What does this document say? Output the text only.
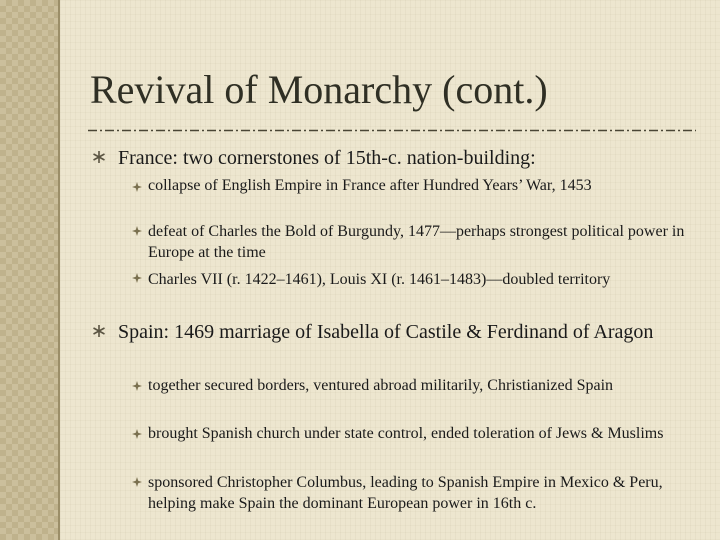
Revival of Monarchy (cont.)
France: two cornerstones of 15th-c. nation-building:
collapse of English Empire in France after Hundred Years’ War, 1453
defeat of Charles the Bold of Burgundy, 1477—perhaps strongest political power in Europe at the time
Charles VII (r. 1422–1461), Louis XI (r. 1461–1483)—doubled territory
Spain: 1469 marriage of Isabella of Castile & Ferdinand of Aragon
together secured borders, ventured abroad militarily, Christianized Spain
brought Spanish church under state control, ended toleration of Jews & Muslims
sponsored Christopher Columbus, leading to Spanish Empire in Mexico & Peru, helping make Spain the dominant European power in 16th c.
